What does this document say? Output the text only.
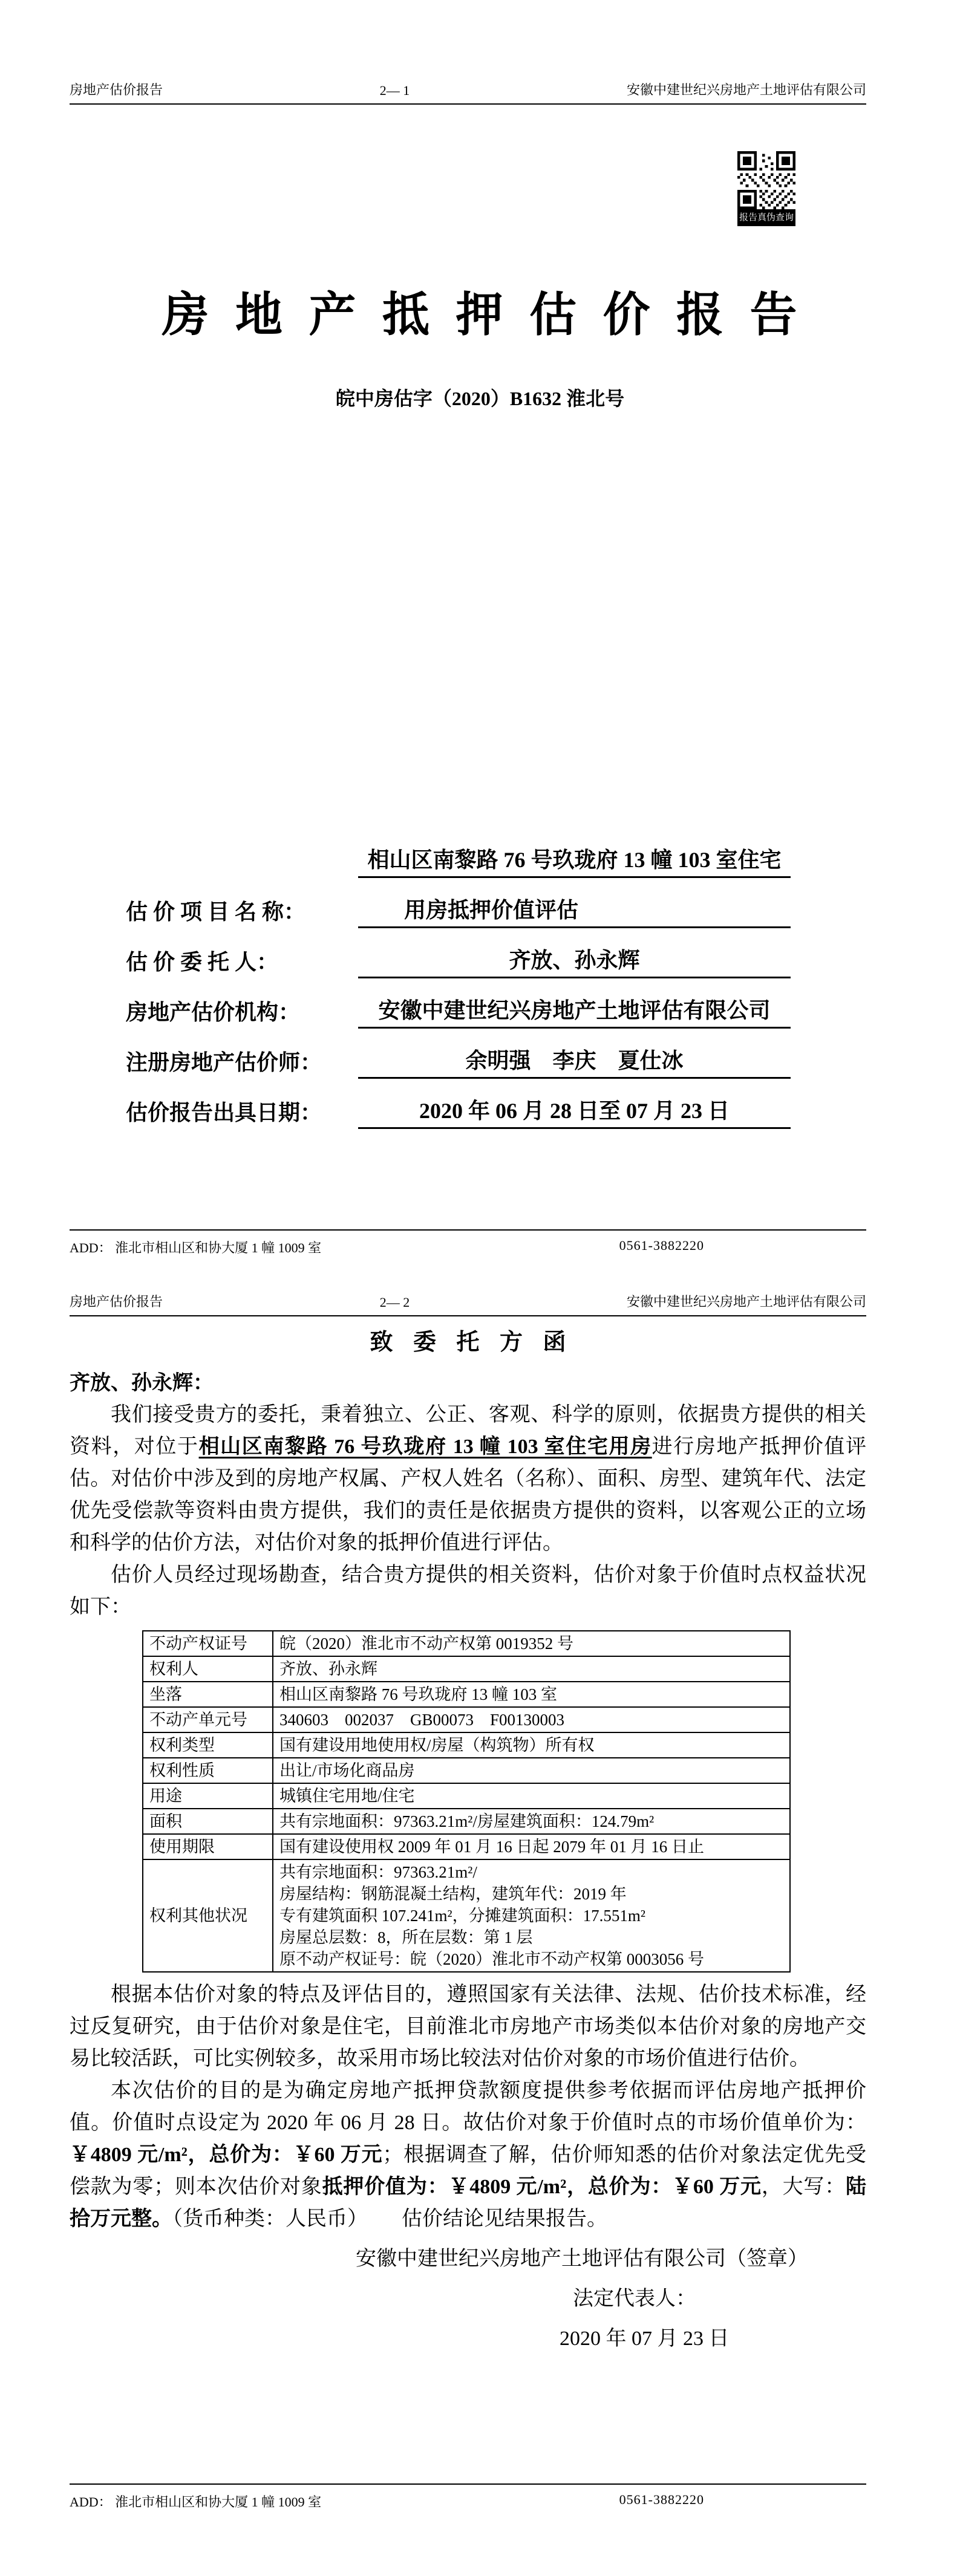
房地产估价报告	2— 1	安徽中建世纪兴房地产土地评估有限公司
报告真伪查询
房 地 产 抵 押 估 价 报 告
皖中房估字（2020）B1632 淮北号
估 价 项 目 名 称：
相山区南黎路 76 号玖珑府 13 幢 103 室住宅
用房抵押价值评估
估 价 委 托 人：	齐放、孙永辉
房地产估价机构：	安徽中建世纪兴房地产土地评估有限公司
注册房地产估价师：	余明强　李庆　夏仕冰
估价报告出具日期：	2020 年 06 月 28 日至 07 月 23 日
ADD： 淮北市相山区和协大厦 1 幢 1009 室	0561-3882220
房地产估价报告	2— 2	安徽中建世纪兴房地产土地评估有限公司
致 委 托 方 函
齐放、孙永辉：

我们接受贵方的委托，秉着独立、公正、客观、科学的原则，依据贵方提供的相关资料，对位于相山区南黎路 76 号玖珑府 13 幢 103 室住宅用房进行房地产抵押价值评估。对估价中涉及到的房地产权属、产权人姓名（名称）、面积、房型、建筑年代、法定优先受偿款等资料由贵方提供，我们的责任是依据贵方提供的资料，以客观公正的立场和科学的估价方法，对估价对象的抵押价值进行评估。

估价人员经过现场勘查，结合贵方提供的相关资料，估价对象于价值时点权益状况如下：

不动产权证号	皖（2020）淮北市不动产权第 0019352 号
权利人	齐放、孙永辉
坐落	相山区南黎路 76 号玖珑府 13 幢 103 室
不动产单元号	340603　002037　GB00073　F00130003
权利类型	国有建设用地使用权/房屋（构筑物）所有权
权利性质	出让/市场化商品房
用途	城镇住宅用地/住宅
面积	共有宗地面积：97363.21m²/房屋建筑面积：124.79m²
使用期限	国有建设使用权 2009 年 01 月 16 日起 2079 年 01 月 16 日止
权利其他状况	共有宗地面积：97363.21m²/
房屋结构：钢筋混凝土结构，建筑年代：2019 年
专有建筑面积 107.241m²，分摊建筑面积：17.551m²
房屋总层数：8，所在层数：第 1 层
原不动产权证号：皖（2020）淮北市不动产权第 0003056 号

根据本估价对象的特点及评估目的，遵照国家有关法律、法规、估价技术标准，经过反复研究，由于估价对象是住宅，目前淮北市房地产市场类似本估价对象的房地产交易比较活跃，可比实例较多，故采用市场比较法对估价对象的市场价值进行估价。

本次估价的目的是为确定房地产抵押贷款额度提供参考依据而评估房地产抵押价值。价值时点设定为 2020 年 06 月 28 日。故估价对象于价值时点的市场价值单价为：￥4809 元/m²，总价为：￥60 万元；根据调查了解，估价师知悉的估价对象法定优先受偿款为零；则本次估价对象抵押价值为：￥4809 元/m²，总价为：￥60 万元，大写：陆拾万元整。（货币种类：人民币） 估价结论见结果报告。

安徽中建世纪兴房地产土地评估有限公司（签章）
法定代表人：
2020 年 07 月 23 日
ADD： 淮北市相山区和协大厦 1 幢 1009 室	0561-3882220
